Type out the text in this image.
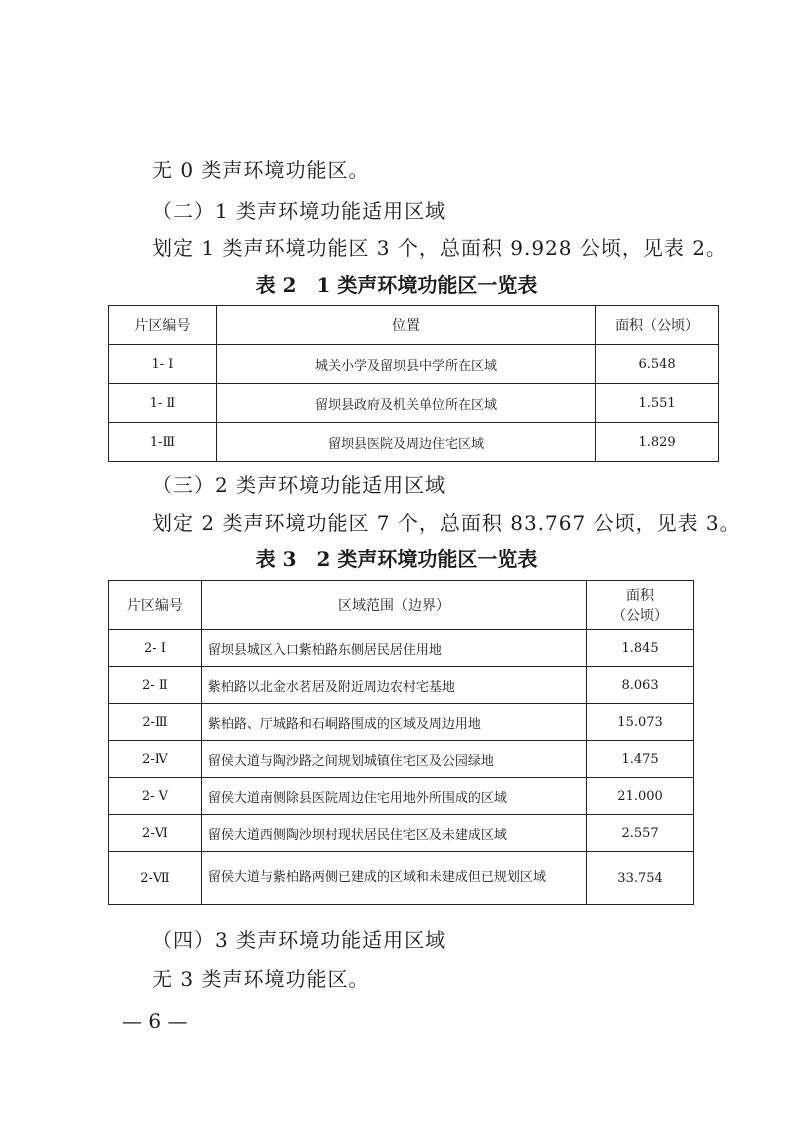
无 0 类声环境功能区。
（二）1 类声环境功能适用区域
划定 1 类声环境功能区 3 个，总面积 9.928 公顷，见表 2。
表 2　1 类声环境功能区一览表
片区编号	位置	面积（公顷）
1- Ⅰ	城关小学及留坝县中学所在区域	6.548
1- Ⅱ	留坝县政府及机关单位所在区域	1.551
1-Ⅲ	留坝县医院及周边住宅区域	1.829
（三）2 类声环境功能适用区域
划定 2 类声环境功能区 7 个，总面积 83.767 公顷，见表 3。
表 3　2 类声环境功能区一览表
片区编号	区域范围（边界）	面积
（公顷）

2- Ⅰ	留坝县城区入口紫柏路东侧居民居住用地	1.845
2- Ⅱ	紫柏路以北金水茗居及附近周边农村宅基地	8.063
2-Ⅲ	紫柏路、厅城路和石峒路围成的区域及周边用地	15.073
2-Ⅳ	留侯大道与陶沙路之间规划城镇住宅区及公园绿地	1.475
2- Ⅴ	留侯大道南侧除县医院周边住宅用地外所围成的区域	21.000
2-Ⅵ	留侯大道西侧陶沙坝村现状居民住宅区及未建成区域	2.557
2-Ⅶ	留侯大道与紫柏路两侧已建成的区域和未建成但已规划区域	33.754
（四）3 类声环境功能适用区域
无 3 类声环境功能区。
— 6 —
